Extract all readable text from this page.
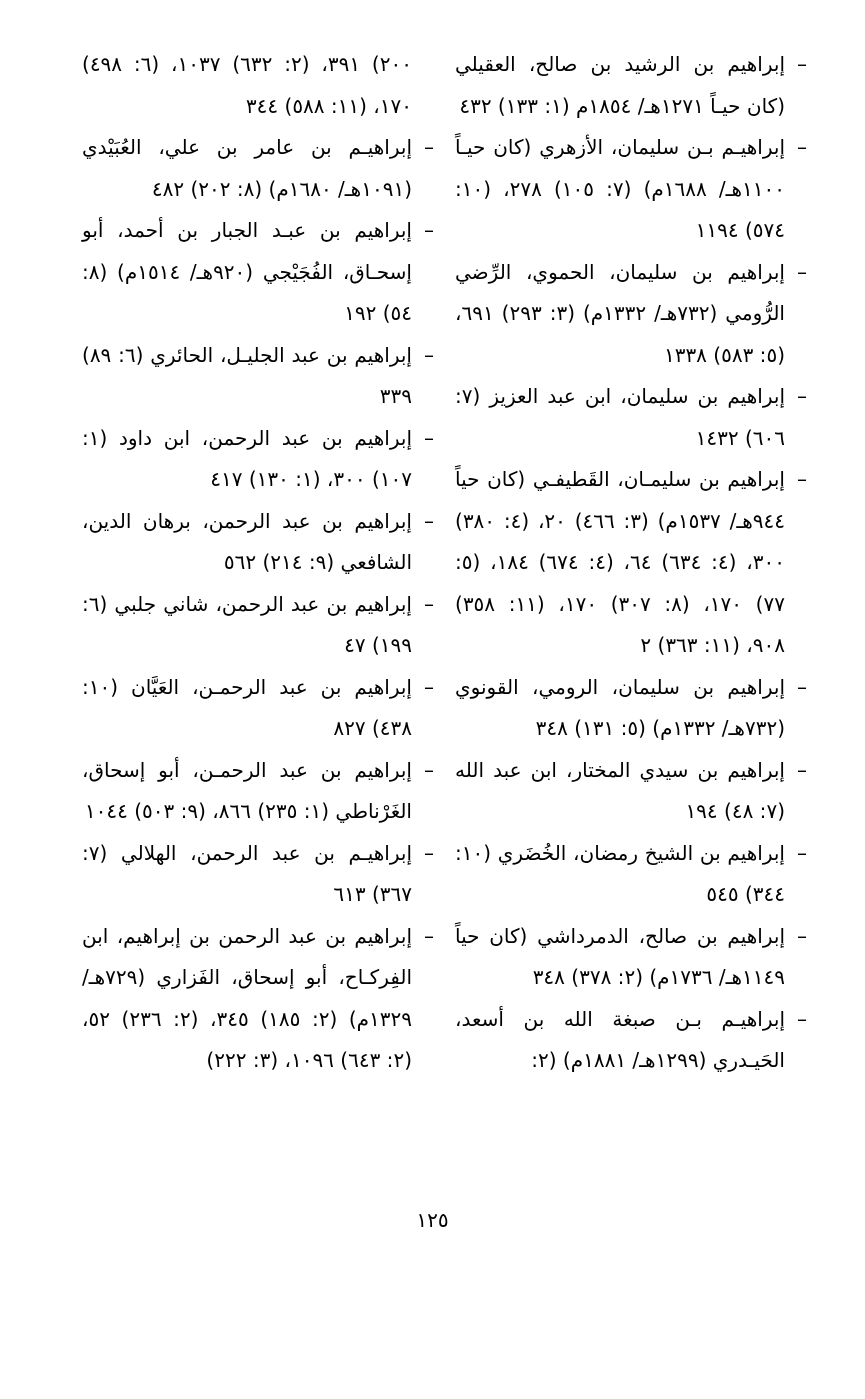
–
إبراهيم بن الرشيد بن صالح، العقيلي (كان حيـاً ١٢٧١هـ/ ١٨٥٤م (١: ١٣٣) ٤٣٢
–
إبراهيـم بـن سليمان، الأزهري (كان حيـاً ١١٠٠هـ/ ١٦٨٨م) (٧: ١٠٥) ٢٧٨، (١٠: ٥٧٤) ١١٩٤
–
إبراهيم بن سليمان، الحموي، الرِّضي الرُّومي (٧٣٢هـ/ ١٣٣٢م) (٣: ٢٩٣) ٦٩١، (٥: ٥٨٣) ١٣٣٨
–
إبراهيم بن سليمان، ابن عبد العزيز (٧: ٦٠٦) ١٤٣٢
–
إبراهيم بن سليمـان، القَطيفـي (كان حياً ٩٤٤هـ/ ١٥٣٧م) (٣: ٤٦٦) ٢٠، (٤: ٣٨٠) ٣٠٠، (٤: ٦٣٤) ٦٤، (٤: ٦٧٤) ١٨٤، (٥: ٧٧) ١٧٠، (٨: ٣٠٧) ١٧٠، (١١: ٣٥٨) ٩٠٨، (١١: ٣٦٣) ٢
–
إبراهيم بن سليمان، الرومي، القونوي (٧٣٢هـ/ ١٣٣٢م) (٥: ١٣١) ٣٤٨
–
إبراهيم بن سيدي المختار، ابن عبد الله (٧: ٤٨) ١٩٤
–
إبراهيم بن الشيخ رمضان، الخُضَري (١٠: ٣٤٤) ٥٤٥
–
إبراهيم بن صالح، الدمرداشي (كان حياً ١١٤٩هـ/ ١٧٣٦م) (٢: ٣٧٨) ٣٤٨
–
إبراهيـم بـن صبغة الله بن أسعد، الحَيـدري (١٢٩٩هـ/ ١٨٨١م) (٢:
٢٠٠) ٣٩١، (٢: ٦٣٢) ١٠٣٧، (٦: ٤٩٨) ١٧٠، (١١: ٥٨٨) ٣٤٤
–
إبراهيـم بن عامر بن علي، العُبَيْدي (١٠٩١هـ/ ١٦٨٠م) (٨: ٢٠٢) ٤٨٢
–
إبراهيم بن عبـد الجبار بن أحمد، أبو إسحـاق، الفُجَيْجي (٩٢٠هـ/ ١٥١٤م) (٨: ٥٤) ١٩٢
–
إبراهيم بن عبد الجليـل، الحائري (٦: ٨٩) ٣٣٩
–
إبراهيم بن عبد الرحمن، ابن داود (١: ١٠٧) ٣٠٠، (١: ١٣٠) ٤١٧
–
إبراهيم بن عبد الرحمن، برهان الدين، الشافعي (٩: ٢١٤) ٥٦٢
–
إبراهيم بن عبد الرحمن، شاني جلبي (٦: ١٩٩) ٤٧
–
إبراهيم بن عبد الرحمـن، العَيَّان (١٠: ٤٣٨) ٨٢٧
–
إبراهيم بن عبد الرحمـن، أبو إسحاق، الغَرْناطي (١: ٢٣٥) ٨٦٦، (٩: ٥٠٣) ١٠٤٤
–
إبراهيـم بن عبد الرحمن، الهلالي (٧: ٣٦٧) ٦١٣
–
إبراهيم بن عبد الرحمن بن إبراهيم، ابن الفِركـاح، أبو إسحاق، الفَزاري (٧٢٩هـ/ ١٣٢٩م) (٢: ١٨٥) ٣٤٥، (٢: ٢٣٦) ٥٢، (٢: ٦٤٣) ١٠٩٦، (٣: ٢٢٢)
١٢٥
